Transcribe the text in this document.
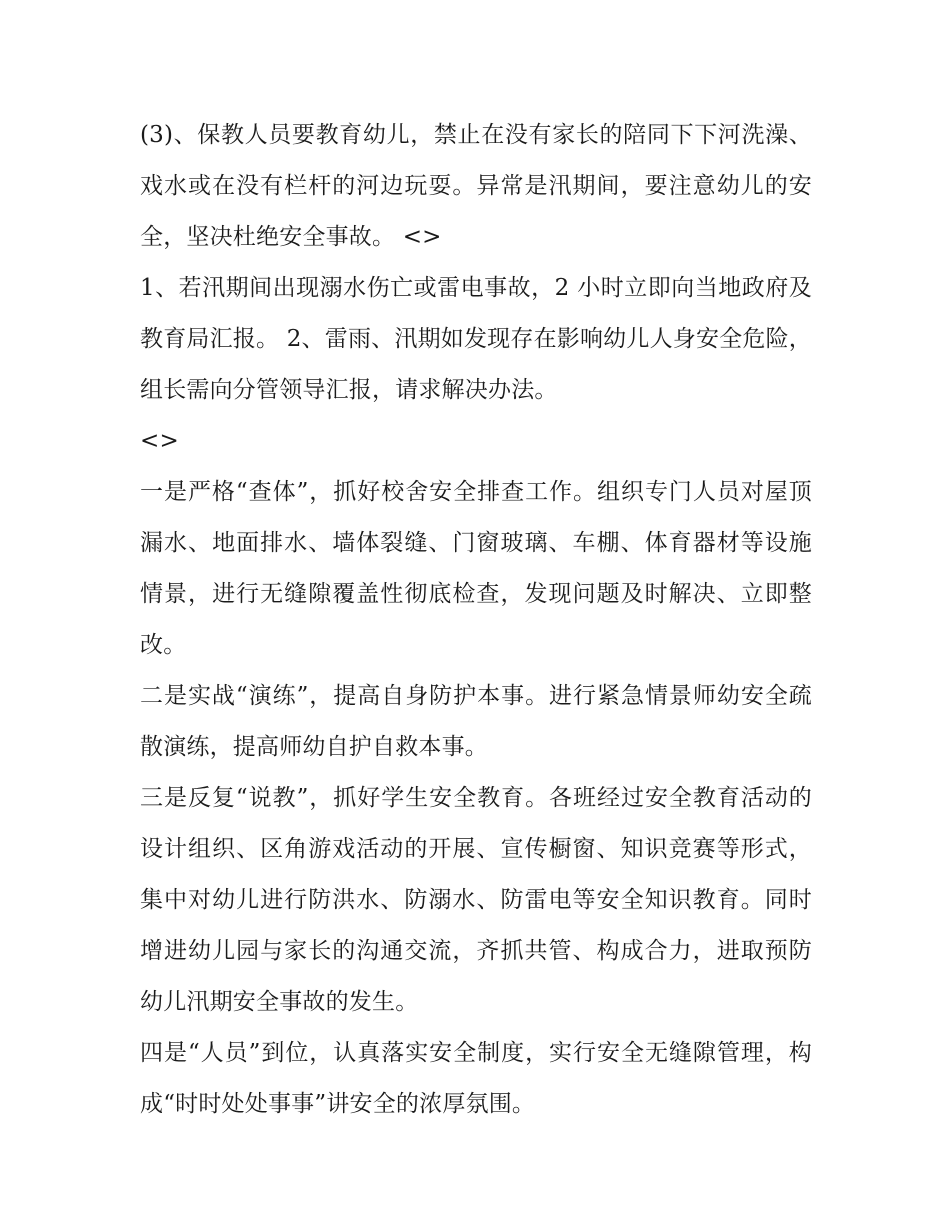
(3)、保教人员要教育幼儿，禁止在没有家长的陪同下下河洗澡、戏水或在没有栏杆的河边玩耍。异常是汛期间，要注意幼儿的安全，坚决杜绝安全事故。 <>

1、若汛期间出现溺水伤亡或雷电事故，2 小时立即向当地政府及教育局汇报。 2、雷雨、汛期如发现存在影响幼儿人身安全危险，组长需向分管领导汇报，请求解决办法。

<>

一是严格“查体”，抓好校舍安全排查工作。组织专门人员对屋顶漏水、地面排水、墙体裂缝、门窗玻璃、车棚、体育器材等设施情景，进行无缝隙覆盖性彻底检查，发现问题及时解决、立即整改。

二是实战“演练”，提高自身防护本事。进行紧急情景师幼安全疏散演练，提高师幼自护自救本事。

三是反复“说教”，抓好学生安全教育。各班经过安全教育活动的设计组织、区角游戏活动的开展、宣传橱窗、知识竞赛等形式，集中对幼儿进行防洪水、防溺水、防雷电等安全知识教育。同时增进幼儿园与家长的沟通交流，齐抓共管、构成合力，进取预防幼儿汛期安全事故的发生。

四是“人员”到位，认真落实安全制度，实行安全无缝隙管理，构成“时时处处事事”讲安全的浓厚氛围。
